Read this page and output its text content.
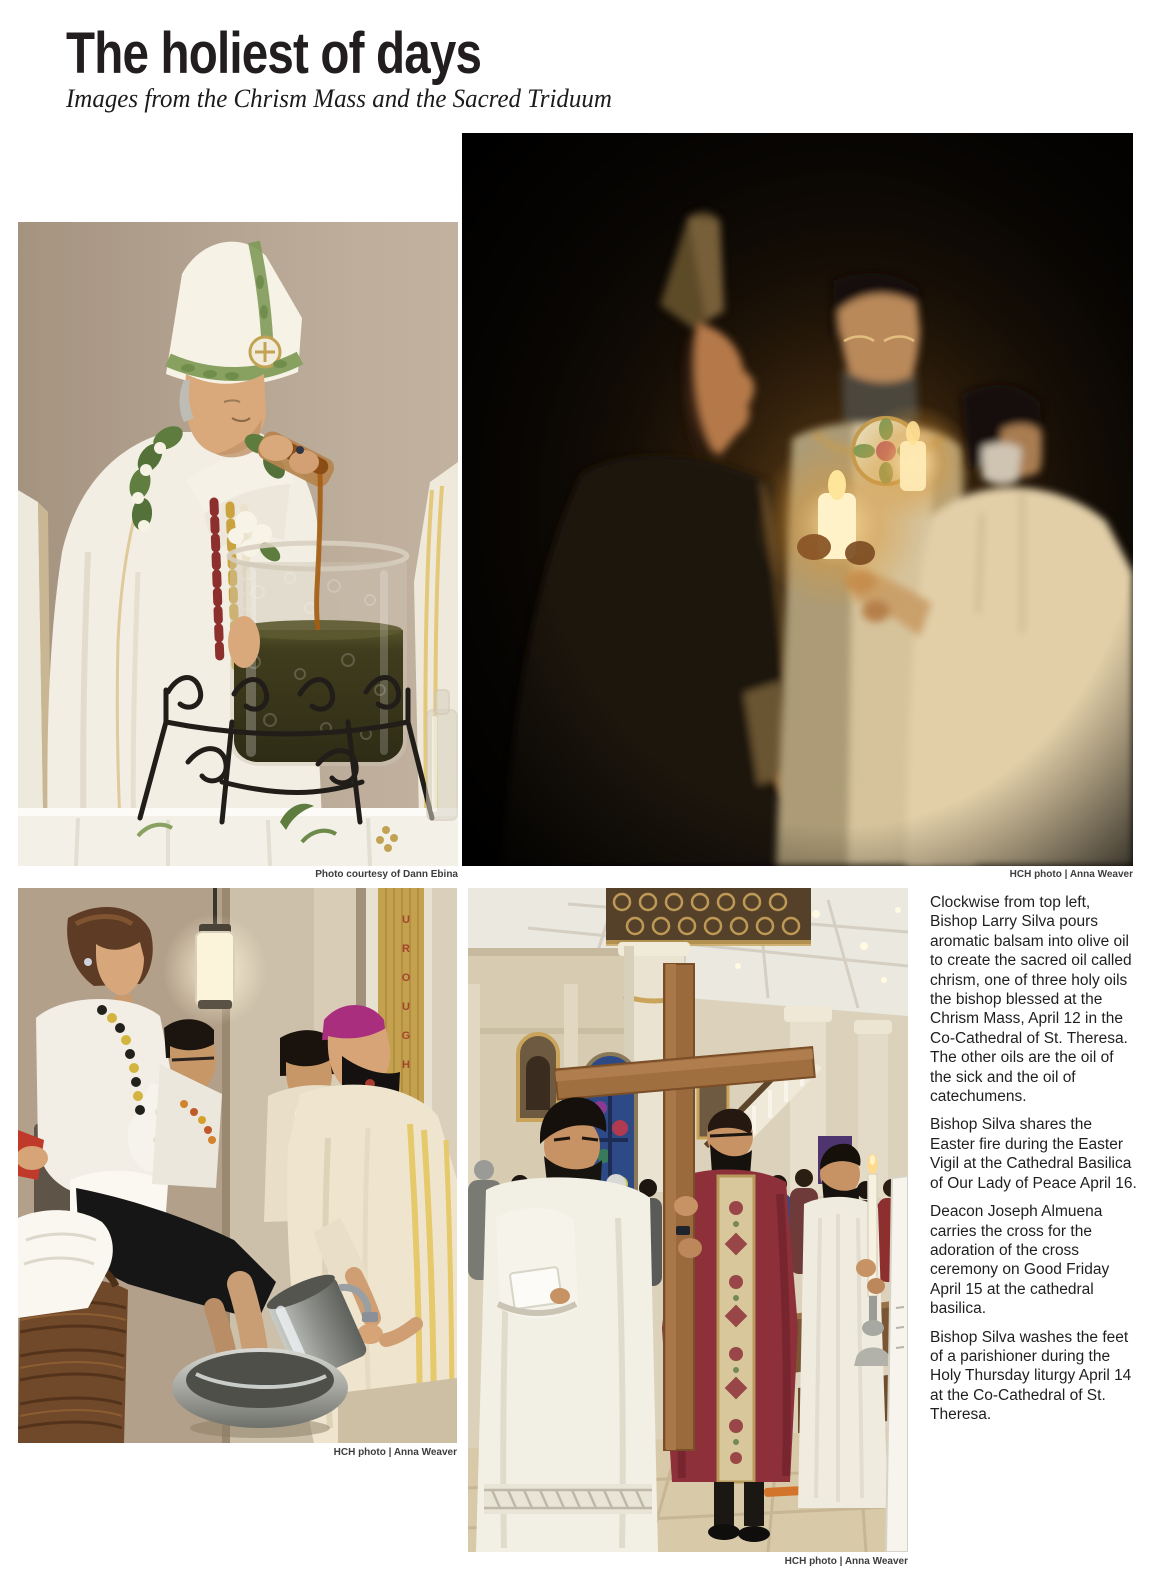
The holiest of days

Images from the Chrism Mass and the Sacred Triduum

Photo courtesy of Dann Ebina	HCH photo | Anna Weaver
UROUGH
HCH photo | Anna Weaver
HCH photo | Anna Weaver

Clockwise from top left, Bishop Larry Silva pours aromatic balsam into olive oil to create the sacred oil called chrism, one of three holy oils the bishop blessed at the Chrism Mass, April 12 in the Co-Cathedral of St. Theresa. The other oils are the oil of the sick and the oil of catechumens.

Bishop Silva shares the Easter fire during the Easter Vigil at the Cathedral Basilica of Our Lady of Peace April 16.

Deacon Joseph Almuena carries the cross for the adoration of the cross ceremony on Good Friday April 15 at the cathedral basilica.

Bishop Silva washes the feet of a parishioner during the Holy Thursday liturgy April 14 at the Co-Cathedral of St. Theresa.
